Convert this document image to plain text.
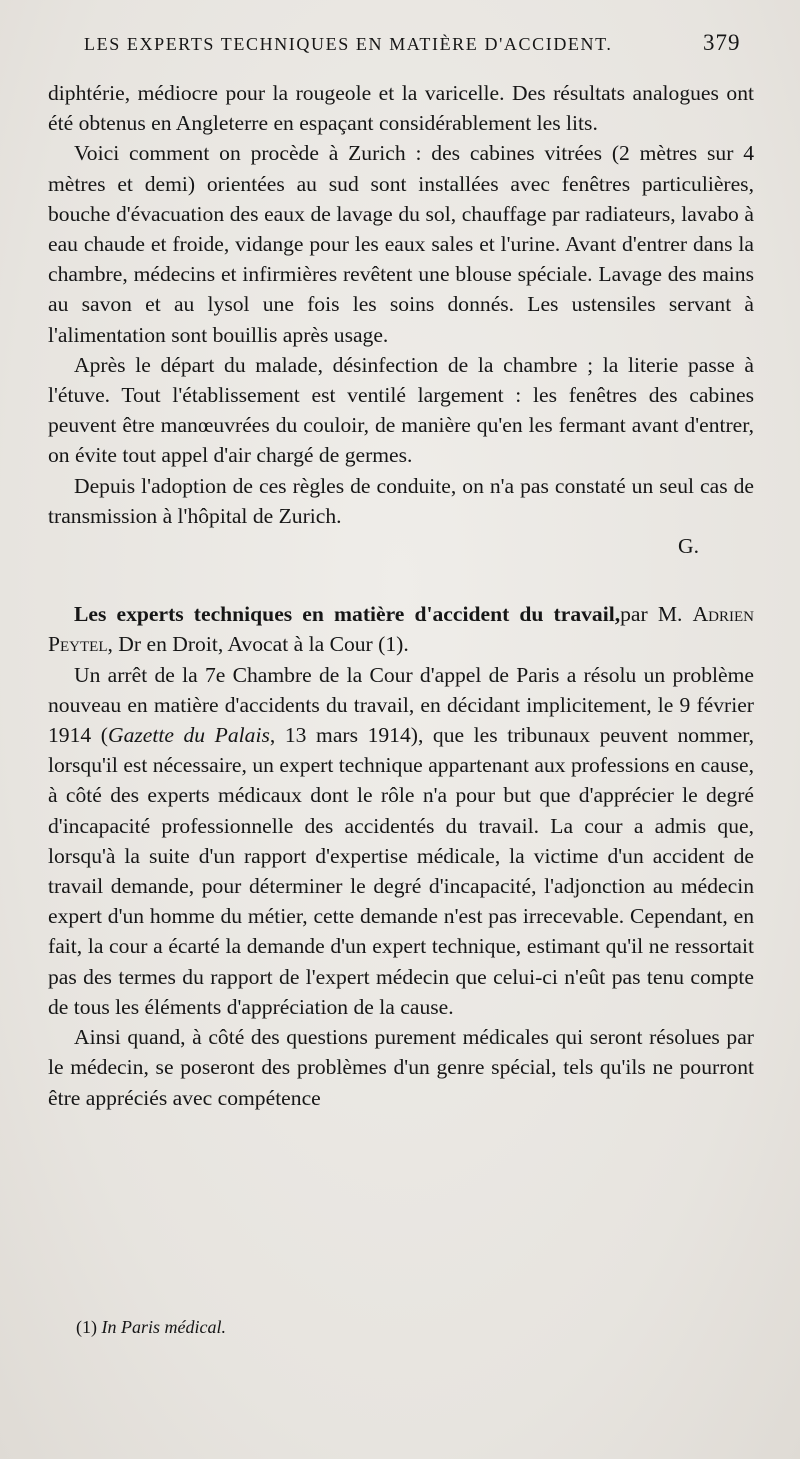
LES EXPERTS TECHNIQUES EN MATIÈRE D'ACCIDENT.	379

diphtérie, médiocre pour la rougeole et la varicelle. Des résultats analogues ont été obtenus en Angleterre en espaçant considérablement les lits.

Voici comment on procède à Zurich : des cabines vitrées (2 mètres sur 4 mètres et demi) orientées au sud sont installées avec fenêtres particulières, bouche d'évacuation des eaux de lavage du sol, chauffage par radiateurs, lavabo à eau chaude et froide, vidange pour les eaux sales et l'urine. Avant d'entrer dans la chambre, médecins et infirmières revêtent une blouse spéciale. Lavage des mains au savon et au lysol une fois les soins donnés. Les ustensiles servant à l'alimentation sont bouillis après usage.

Après le départ du malade, désinfection de la chambre ; la literie passe à l'étuve. Tout l'établissement est ventilé largement : les fenêtres des cabines peuvent être manœuvrées du couloir, de manière qu'en les fermant avant d'entrer, on évite tout appel d'air chargé de germes.

Depuis l'adoption de ces règles de conduite, on n'a pas constaté un seul cas de transmission à l'hôpital de Zurich.

G.

Les experts techniques en matière d'accident du travail,par M. Adrien Peytel, Dr en Droit, Avocat à la Cour (1).

Un arrêt de la 7e Chambre de la Cour d'appel de Paris a résolu un problème nouveau en matière d'accidents du travail, en décidant implicitement, le 9 février 1914 (Gazette du Palais, 13 mars 1914), que les tribunaux peuvent nommer, lorsqu'il est nécessaire, un expert technique appartenant aux professions en cause, à côté des experts médicaux dont le rôle n'a pour but que d'apprécier le degré d'incapacité professionnelle des accidentés du travail. La cour a admis que, lorsqu'à la suite d'un rapport d'expertise médicale, la victime d'un accident de travail demande, pour déterminer le degré d'incapacité, l'adjonction au médecin expert d'un homme du métier, cette demande n'est pas irrecevable. Cependant, en fait, la cour a écarté la demande d'un expert technique, estimant qu'il ne ressortait pas des termes du rapport de l'expert médecin que celui-ci n'eût pas tenu compte de tous les éléments d'appréciation de la cause.

Ainsi quand, à côté des questions purement médicales qui seront résolues par le médecin, se poseront des problèmes d'un genre spécial, tels qu'ils ne pourront être appréciés avec compétence

(1) In Paris médical.
